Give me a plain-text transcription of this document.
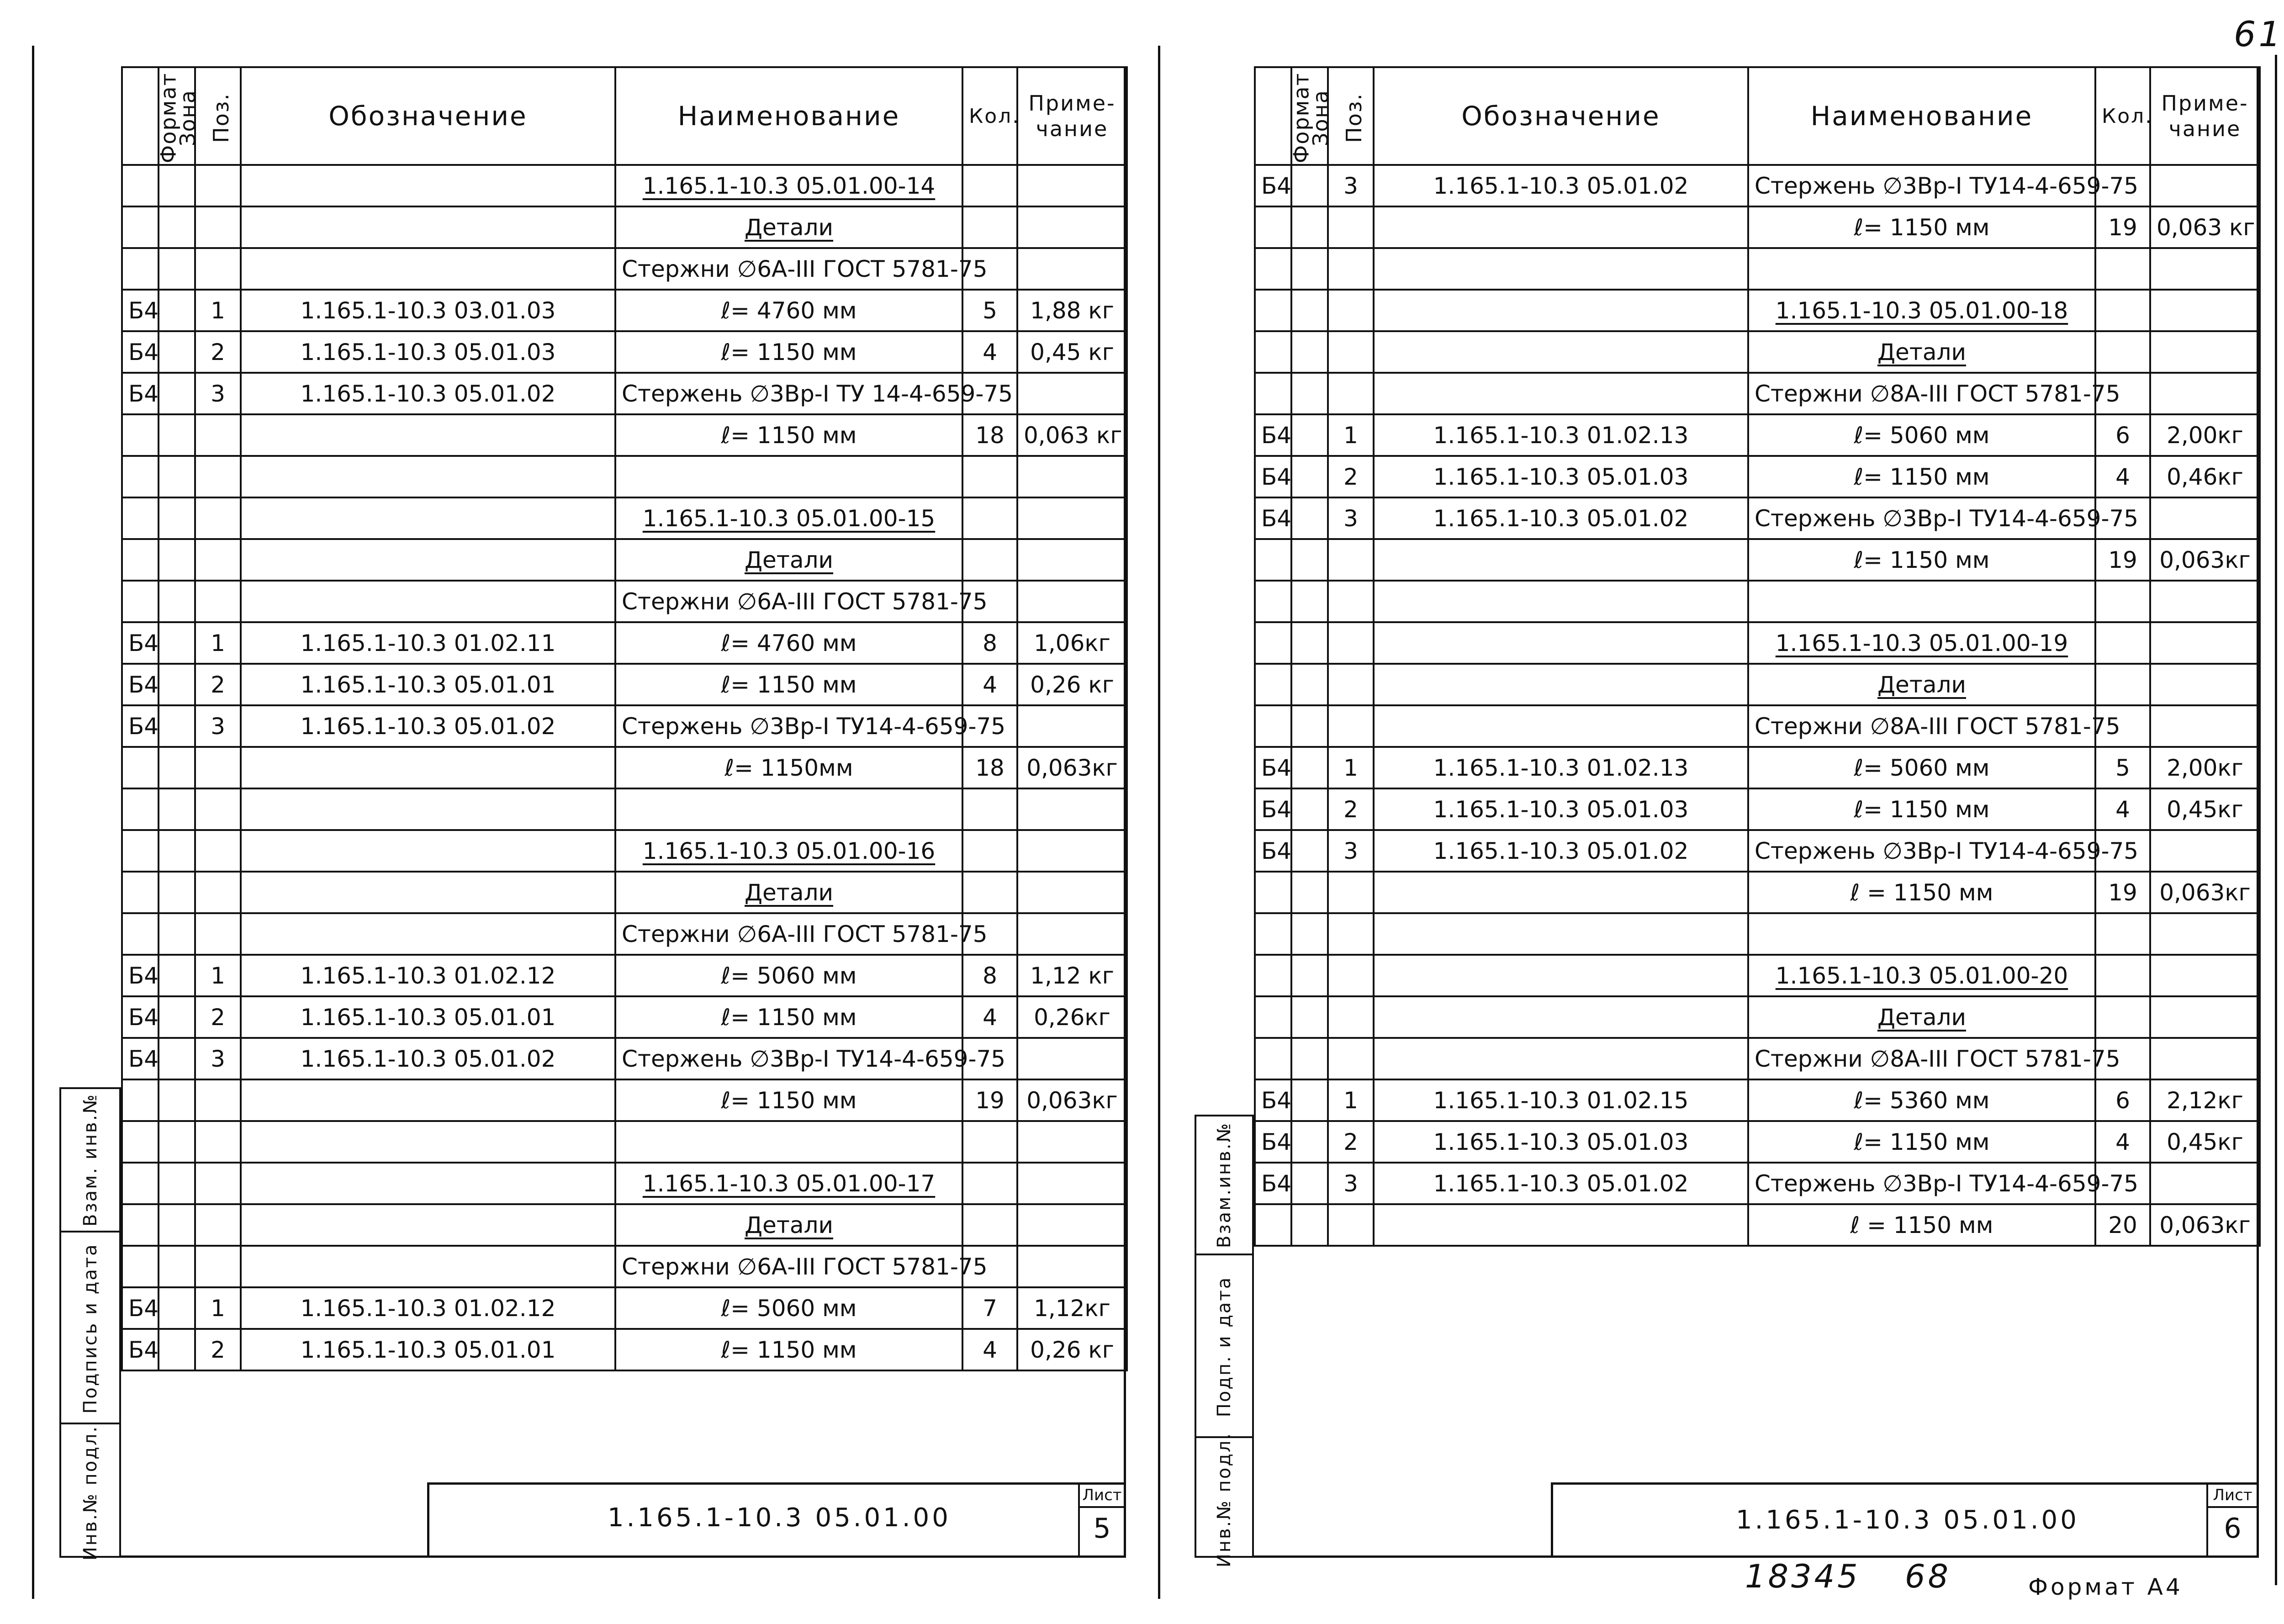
61
Формат	Зона	Поз.	Обозначение	Наименование	Кол.	Приме-
чание
				1.165.1-10.3 05.01.00-14		
				Детали		
				Стержни ∅6А-III ГОСТ 5781-75		
Б4		1	1.165.1-10.3 03.01.03	ℓ= 4760 мм	5	1,88 кг
Б4		2	1.165.1-10.3 05.01.03	ℓ= 1150 мм	4	0,45 кг
Б4		3	1.165.1-10.3 05.01.02	Стержень ∅3Вр-I ТУ 14-4-659-75		
				ℓ= 1150 мм	18	0,063 кг

				1.165.1-10.3 05.01.00-15		
				Детали		
				Стержни ∅6А-III ГОСТ 5781-75		
Б4		1	1.165.1-10.3 01.02.11	ℓ= 4760 мм	8	1,06кг
Б4		2	1.165.1-10.3 05.01.01	ℓ= 1150 мм	4	0,26 кг
Б4		3	1.165.1-10.3 05.01.02	Стержень ∅3Вр-I ТУ14-4-659-75		
				ℓ= 1150мм	18	0,063кг

				1.165.1-10.3 05.01.00-16		
				Детали		
				Стержни ∅6А-III ГОСТ 5781-75		
Б4		1	1.165.1-10.3 01.02.12	ℓ= 5060 мм	8	1,12 кг
Б4		2	1.165.1-10.3 05.01.01	ℓ= 1150 мм	4	0,26кг
Б4		3	1.165.1-10.3 05.01.02	Стержень ∅3Вр-I ТУ14-4-659-75		
				ℓ= 1150 мм	19	0,063кг

				1.165.1-10.3 05.01.00-17		
				Детали		
				Стержни ∅6А-III ГОСТ 5781-75		
Б4		1	1.165.1-10.3 01.02.12	ℓ= 5060 мм	7	1,12кг
Б4		2	1.165.1-10.3 05.01.01	ℓ= 1150 мм	4	0,26 кг
1.165.1-10.3 05.01.00
Лист
5
Взам. инв.№
Подпись и дата
Инв.№ подл.
Формат	Зона	Поз.	Обозначение	Наименование	Кол.	Приме-
чание
Б4		3	1.165.1-10.3 05.01.02	Стержень ∅3Вр-I ТУ14-4-659-75		
				ℓ= 1150 мм	19	0,063 кг

				1.165.1-10.3 05.01.00-18		
				Детали		
				Стержни ∅8А-III ГОСТ 5781-75		
Б4		1	1.165.1-10.3 01.02.13	ℓ= 5060 мм	6	2,00кг
Б4		2	1.165.1-10.3 05.01.03	ℓ= 1150 мм	4	0,46кг
Б4		3	1.165.1-10.3 05.01.02	Стержень ∅3Вр-I ТУ14-4-659-75		
				ℓ= 1150 мм	19	0,063кг

				1.165.1-10.3 05.01.00-19		
				Детали		
				Стержни ∅8А-III ГОСТ 5781-75		
Б4		1	1.165.1-10.3 01.02.13	ℓ= 5060 мм	5	2,00кг
Б4		2	1.165.1-10.3 05.01.03	ℓ= 1150 мм	4	0,45кг
Б4		3	1.165.1-10.3 05.01.02	Стержень ∅3Вр-I ТУ14-4-659-75		
				ℓ = 1150 мм	19	0,063кг

				1.165.1-10.3 05.01.00-20		
				Детали		
				Стержни ∅8А-III ГОСТ 5781-75		
Б4		1	1.165.1-10.3 01.02.15	ℓ= 5360 мм	6	2,12кг
Б4		2	1.165.1-10.3 05.01.03	ℓ= 1150 мм	4	0,45кг
Б4		3	1.165.1-10.3 05.01.02	Стержень ∅3Вр-I ТУ14-4-659-75		
				ℓ = 1150 мм	20	0,063кг
1.165.1-10.3 05.01.00
Лист
6
Взам.инв.№
Подп. и дата
Инв.№ подл.
18345 68	Формат А4
